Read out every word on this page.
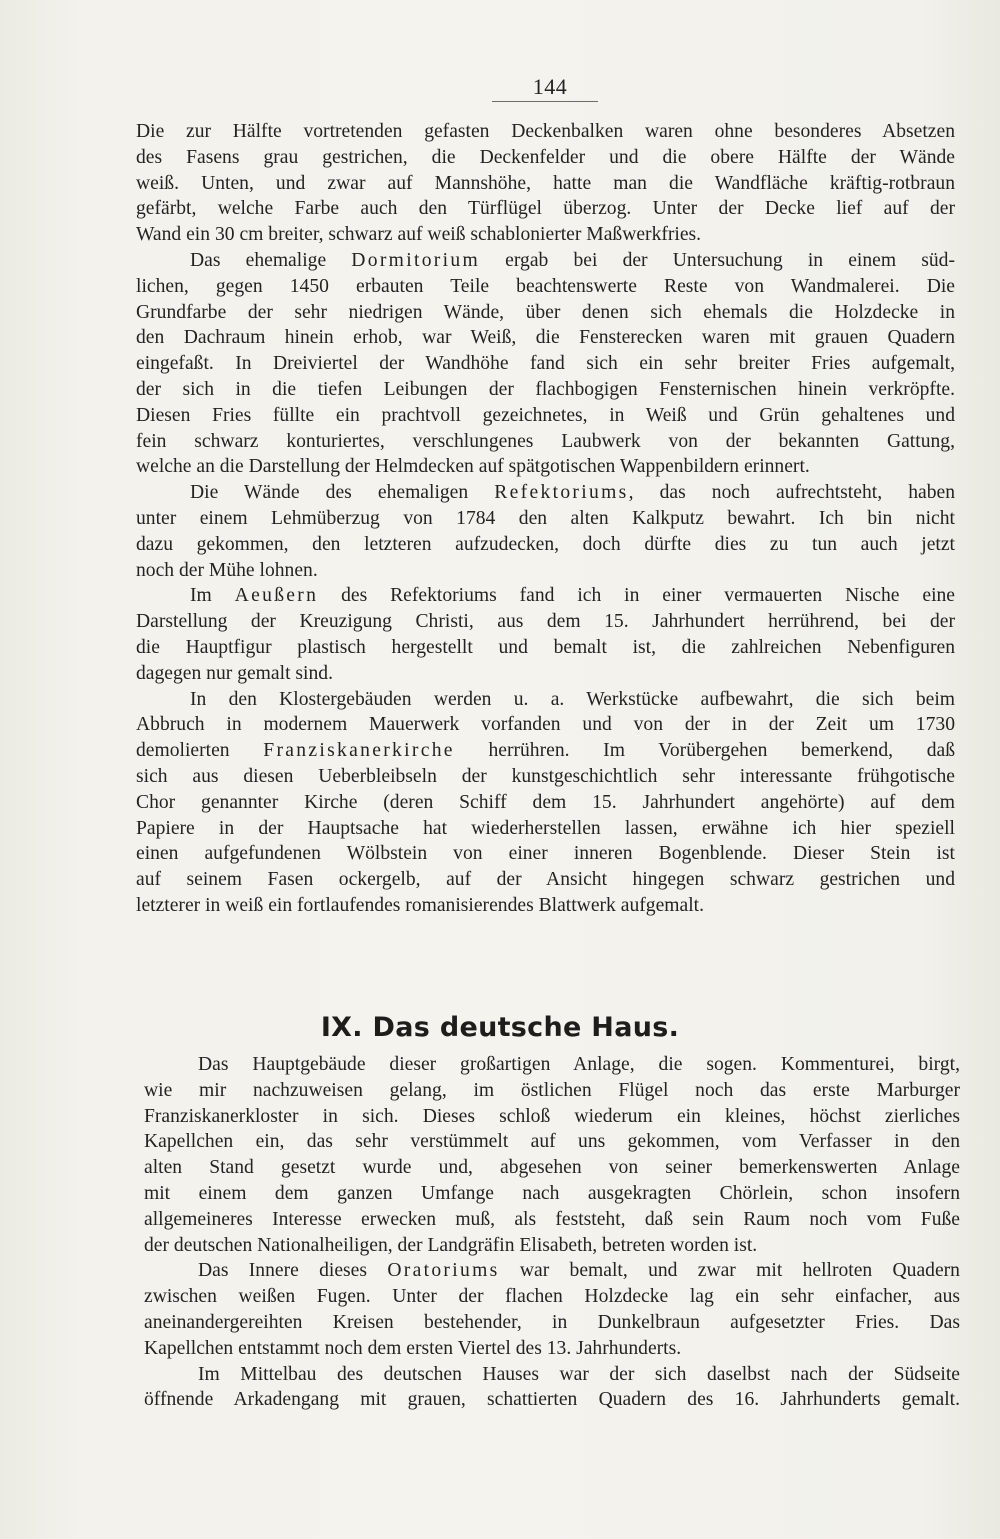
144
Die zur Hälfte vortretenden gefasten Deckenbalken waren ohne besonderes Absetzen
des Fasens grau gestrichen, die Deckenfelder und die obere Hälfte der Wände
weiß. Unten, und zwar auf Mannshöhe, hatte man die Wandfläche kräftig-rotbraun
gefärbt, welche Farbe auch den Türflügel überzog. Unter der Decke lief auf der
Wand ein 30 cm breiter, schwarz auf weiß schablonierter Maßwerkfries.
Das ehemalige Dormitorium ergab bei der Untersuchung in einem süd-
lichen, gegen 1450 erbauten Teile beachtenswerte Reste von Wandmalerei. Die
Grundfarbe der sehr niedrigen Wände, über denen sich ehemals die Holzdecke in
den Dachraum hinein erhob, war Weiß, die Fensterecken waren mit grauen Quadern
eingefaßt. In Dreiviertel der Wandhöhe fand sich ein sehr breiter Fries aufgemalt,
der sich in die tiefen Leibungen der flachbogigen Fensternischen hinein verkröpfte.
Diesen Fries füllte ein prachtvoll gezeichnetes, in Weiß und Grün gehaltenes und
fein schwarz konturiertes, verschlungenes Laubwerk von der bekannten Gattung,
welche an die Darstellung der Helmdecken auf spätgotischen Wappenbildern erinnert.
Die Wände des ehemaligen Refektoriums, das noch aufrechtsteht, haben
unter einem Lehmüberzug von 1784 den alten Kalkputz bewahrt. Ich bin nicht
dazu gekommen, den letzteren aufzudecken, doch dürfte dies zu tun auch jetzt
noch der Mühe lohnen.
Im Aeußern des Refektoriums fand ich in einer vermauerten Nische eine
Darstellung der Kreuzigung Christi, aus dem 15. Jahrhundert herrührend, bei der
die Hauptfigur plastisch hergestellt und bemalt ist, die zahlreichen Nebenfiguren
dagegen nur gemalt sind.
In den Klostergebäuden werden u. a. Werkstücke aufbewahrt, die sich beim
Abbruch in modernem Mauerwerk vorfanden und von der in der Zeit um 1730
demolierten Franziskanerkirche herrühren. Im Vorübergehen bemerkend, daß
sich aus diesen Ueberbleibseln der kunstgeschichtlich sehr interessante frühgotische
Chor genannter Kirche (deren Schiff dem 15. Jahrhundert angehörte) auf dem
Papiere in der Hauptsache hat wiederherstellen lassen, erwähne ich hier speziell
einen aufgefundenen Wölbstein von einer inneren Bogenblende. Dieser Stein ist
auf seinem Fasen ockergelb, auf der Ansicht hingegen schwarz gestrichen und
letzterer in weiß ein fortlaufendes romanisierendes Blattwerk aufgemalt.
IX. Das deutsche Haus.
Das Hauptgebäude dieser großartigen Anlage, die sogen. Kommenturei, birgt,
wie mir nachzuweisen gelang, im östlichen Flügel noch das erste Marburger
Franziskanerkloster in sich. Dieses schloß wiederum ein kleines, höchst zierliches
Kapellchen ein, das sehr verstümmelt auf uns gekommen, vom Verfasser in den
alten Stand gesetzt wurde und, abgesehen von seiner bemerkenswerten Anlage
mit einem dem ganzen Umfange nach ausgekragten Chörlein, schon insofern
allgemeineres Interesse erwecken muß, als feststeht, daß sein Raum noch vom Fuße
der deutschen Nationalheiligen, der Landgräfin Elisabeth, betreten worden ist.
Das Innere dieses Oratoriums war bemalt, und zwar mit hellroten Quadern
zwischen weißen Fugen. Unter der flachen Holzdecke lag ein sehr einfacher, aus
aneinandergereihten Kreisen bestehender, in Dunkelbraun aufgesetzter Fries. Das
Kapellchen entstammt noch dem ersten Viertel des 13. Jahrhunderts.
Im Mittelbau des deutschen Hauses war der sich daselbst nach der Südseite
öffnende Arkadengang mit grauen, schattierten Quadern des 16. Jahrhunderts gemalt.
